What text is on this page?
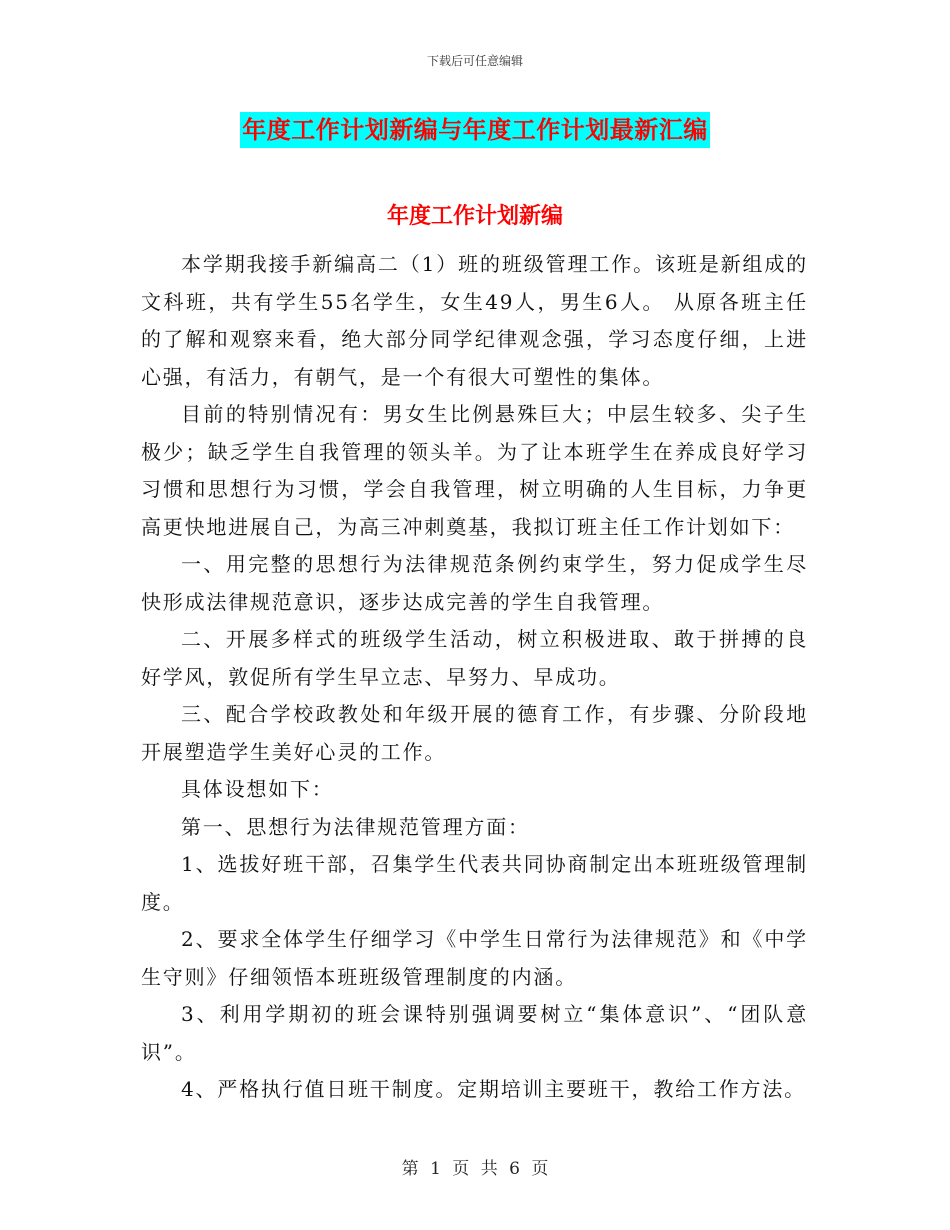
下载后可任意编辑
年度工作计划新编与年度工作计划最新汇编
年度工作计划新编

本学期我接手新编高二（1）班的班级管理工作。该班是新组成的文科班，共有学生55名学生，女生49人，男生6人。 从原各班主任的了解和观察来看，绝大部分同学纪律观念强，学习态度仔细，上进心强，有活力，有朝气，是一个有很大可塑性的集体。

目前的特别情况有：男女生比例悬殊巨大；中层生较多、尖子生极少；缺乏学生自我管理的领头羊。为了让本班学生在养成良好学习习惯和思想行为习惯，学会自我管理，树立明确的人生目标，力争更高更快地进展自己，为高三冲刺奠基，我拟订班主任工作计划如下：

一、用完整的思想行为法律规范条例约束学生，努力促成学生尽快形成法律规范意识，逐步达成完善的学生自我管理。

二、开展多样式的班级学生活动，树立积极进取、敢于拼搏的良好学风，敦促所有学生早立志、早努力、早成功。

三、配合学校政教处和年级开展的德育工作，有步骤、分阶段地开展塑造学生美好心灵的工作。

具体设想如下：

第一、思想行为法律规范管理方面：

1、选拔好班干部，召集学生代表共同协商制定出本班班级管理制度。

2、要求全体学生仔细学习《中学生日常行为法律规范》和《中学生守则》仔细领悟本班班级管理制度的内涵。

3、利用学期初的班会课特别强调要树立“集体意识”、“团队意识”。

4、严格执行值日班干制度。定期培训主要班干，教给工作方法。

第 1 页 共 6 页
